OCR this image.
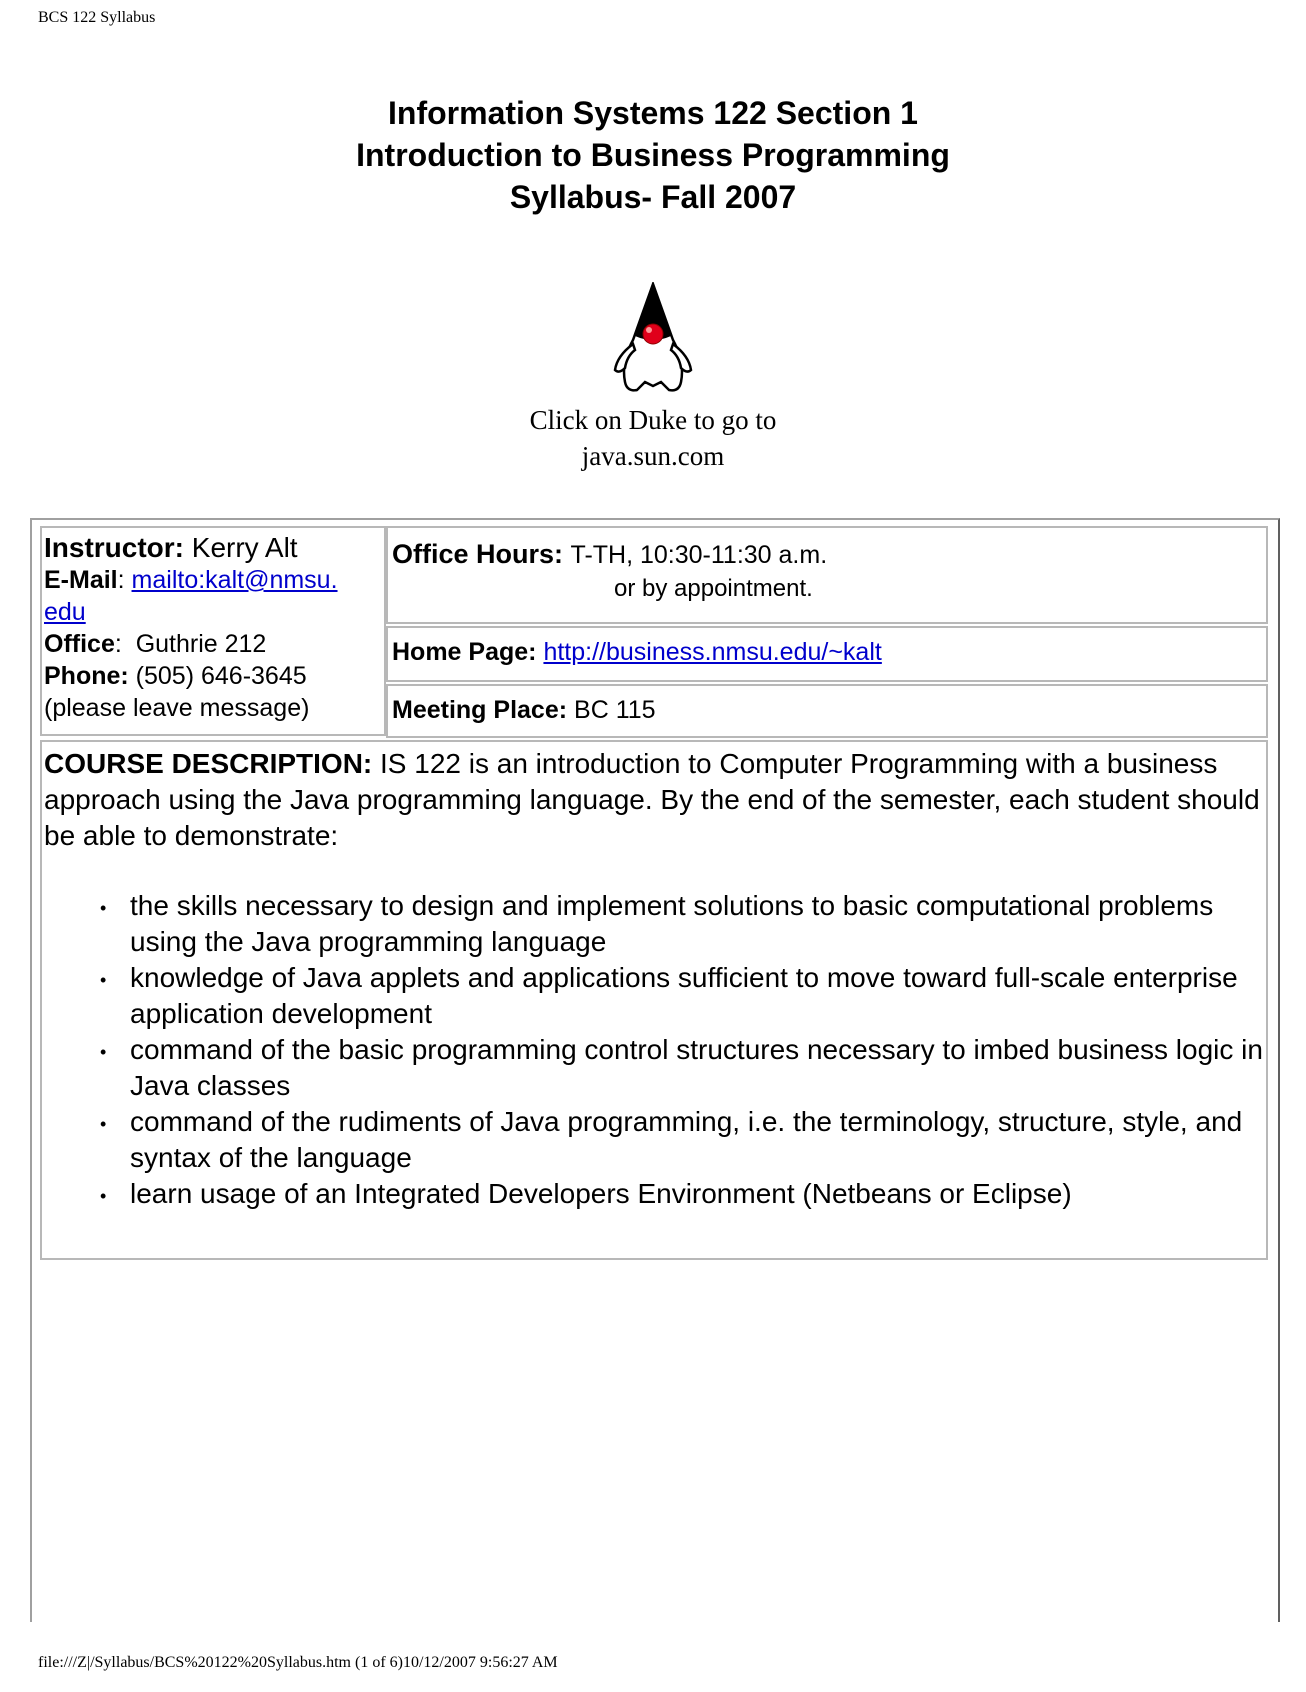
BCS 122 Syllabus
Information Systems 122 Section 1
Introduction to Business Programming
Syllabus- Fall 2007
Click on Duke to go to
java.sun.com
Instructor: Kerry Alt
E-Mail: mailto:kalt@nmsu.
edu
Office:  Guthrie 212
Phone: (505) 646-3645
(please leave message)
Office Hours: T-TH, 10:30-11:30 a.m.
or by appointment.
Home Page: http://business.nmsu.edu/~kalt
Meeting Place: BC 115
COURSE DESCRIPTION: IS 122 is an introduction to Computer Programming with a business approach using the Java programming language. By the end of the semester, each student should be able to demonstrate:
• the skills necessary to design and implement solutions to basic computational problems using the Java programming language
• knowledge of Java applets and applications sufficient to move toward full-scale enterprise application development
• command of the basic programming control structures necessary to imbed business logic in Java classes
• command of the rudiments of Java programming, i.e. the terminology, structure, style, and syntax of the language
• learn usage of an Integrated Developers Environment (Netbeans or Eclipse)
file:///Z|/Syllabus/BCS%20122%20Syllabus.htm (1 of 6)10/12/2007 9:56:27 AM
